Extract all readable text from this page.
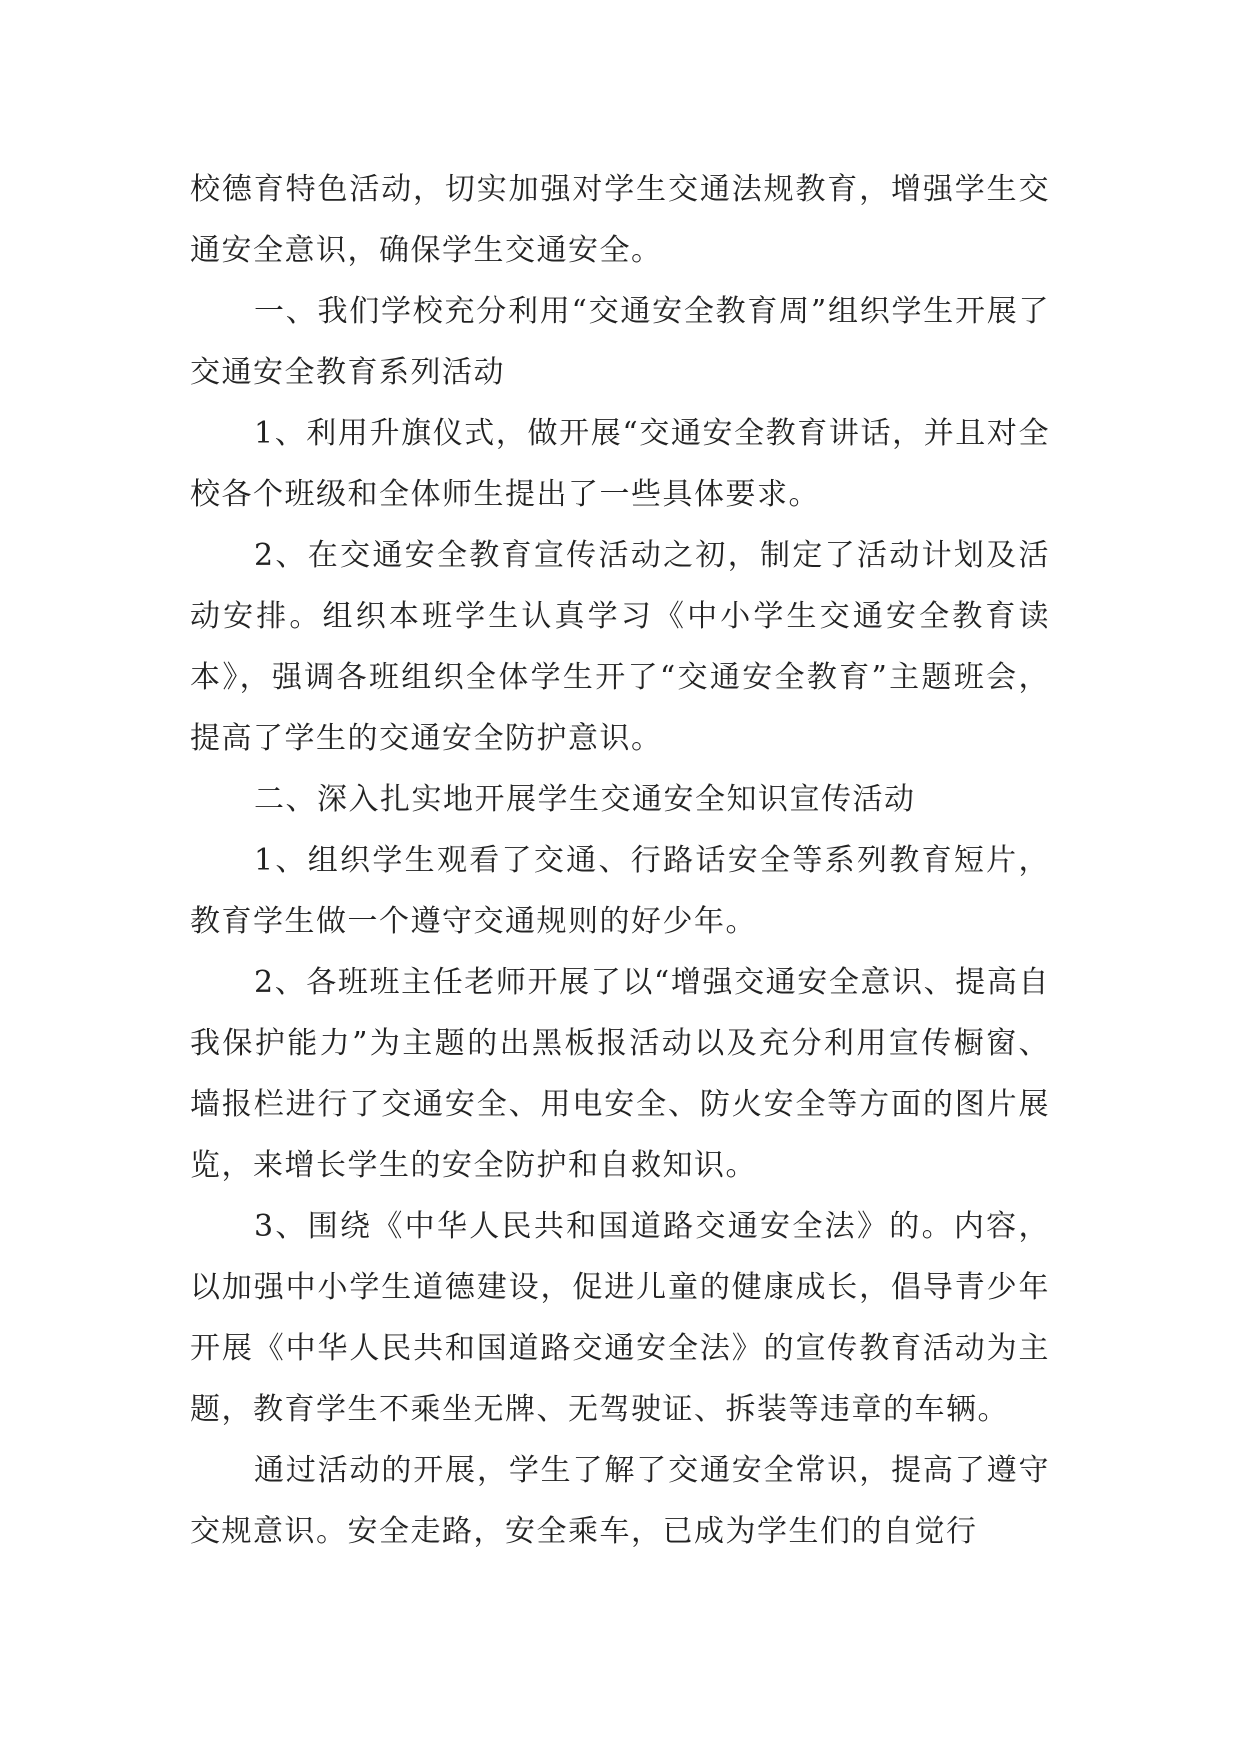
校德育特色活动，切实加强对学生交通法规教育，增强学生交通安全意识，确保学生交通安全。

一、我们学校充分利用“交通安全教育周”组织学生开展了交通安全教育系列活动

1、利用升旗仪式，做开展“交通安全教育讲话，并且对全校各个班级和全体师生提出了一些具体要求。

2、在交通安全教育宣传活动之初，制定了活动计划及活动安排。组织本班学生认真学习《中小学生交通安全教育读本》，强调各班组织全体学生开了“交通安全教育”主题班会，提高了学生的交通安全防护意识。

二、深入扎实地开展学生交通安全知识宣传活动

1、组织学生观看了交通、行路话安全等系列教育短片，教育学生做一个遵守交通规则的好少年。

2、各班班主任老师开展了以“增强交通安全意识、提高自我保护能力”为主题的出黑板报活动以及充分利用宣传橱窗、墙报栏进行了交通安全、用电安全、防火安全等方面的图片展览，来增长学生的安全防护和自救知识。

3、围绕《中华人民共和国道路交通安全法》的。内容，以加强中小学生道德建设，促进儿童的健康成长，倡导青少年开展《中华人民共和国道路交通安全法》的宣传教育活动为主题，教育学生不乘坐无牌、无驾驶证、拆装等违章的车辆。

通过活动的开展，学生了解了交通安全常识，提高了遵守交规意识。安全走路，安全乘车，已成为学生们的自觉行
